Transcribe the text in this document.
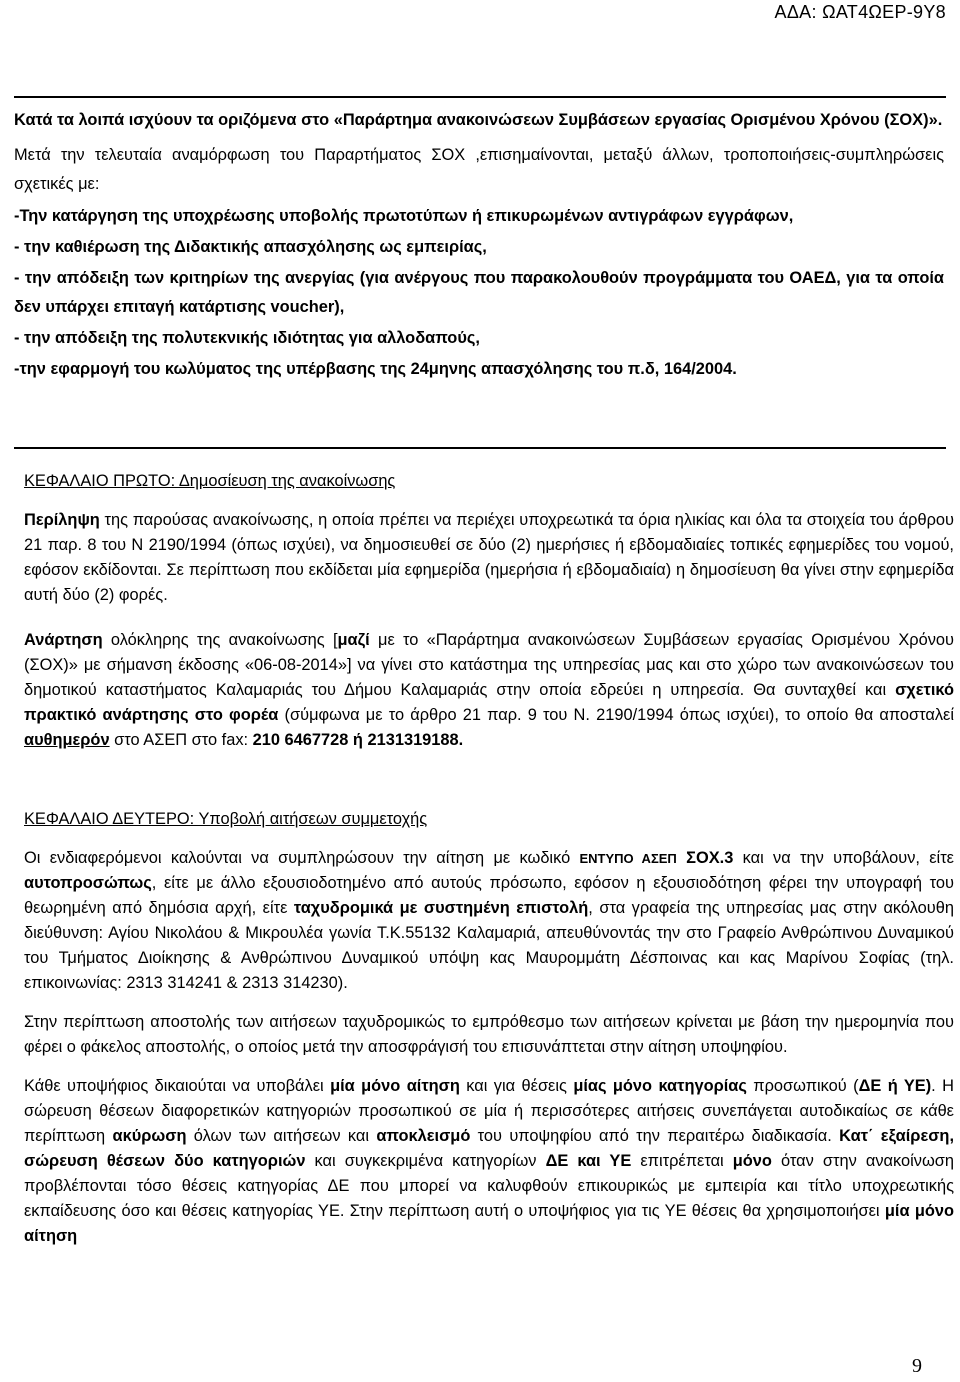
ΑΔΑ: ΩΑΤ4ΩΕΡ-9Υ8

Κατά τα λοιπά ισχύουν τα οριζόμενα στο «Παράρτημα ανακοινώσεων Συμβάσεων εργασίας Ορισμένου Χρόνου (ΣΟΧ)».

Μετά την τελευταία αναμόρφωση του Παραρτήματος ΣΟΧ ,επισημαίνονται, μεταξύ άλλων, τροποποιήσεις-συμπληρώσεις σχετικές με:

-Την κατάργηση της υποχρέωσης υποβολής πρωτοτύπων ή επικυρωμένων αντιγράφων εγγράφων,

- την καθιέρωση της Διδακτικής απασχόλησης ως εμπειρίας,

- την απόδειξη των κριτηρίων της ανεργίας (για ανέργους που παρακολουθούν προγράμματα του ΟΑΕΔ, για τα οποία δεν υπάρχει επιταγή κατάρτισης voucher),

- την απόδειξη της πολυτεκνικής ιδιότητας για αλλοδαπούς,

-την εφαρμογή του κωλύματος της υπέρβασης της 24μηνης απασχόλησης του π.δ, 164/2004.

ΚΕΦΑΛΑΙΟ ΠΡΩΤΟ: Δημοσίευση της ανακοίνωσης

Περίληψη της παρούσας ανακοίνωσης, η οποία πρέπει να περιέχει υποχρεωτικά τα όρια ηλικίας και όλα τα στοιχεία του άρθρου 21 παρ. 8 του Ν 2190/1994 (όπως ισχύει), να δημοσιευθεί σε δύο (2) ημερήσιες ή εβδομαδιαίες τοπικές εφημερίδες του νομού, εφόσον εκδίδονται. Σε περίπτωση που εκδίδεται μία εφημερίδα (ημερήσια ή εβδομαδιαία) η δημοσίευση θα γίνει στην εφημερίδα αυτή δύο (2) φορές.

Ανάρτηση ολόκληρης της ανακοίνωσης [μαζί με το «Παράρτημα ανακοινώσεων Συμβάσεων εργασίας Ορισμένου Χρόνου (ΣΟΧ)» με σήμανση έκδοσης «06-08-2014»] να γίνει στο κατάστημα της υπηρεσίας μας και στο χώρο των ανακοινώσεων του δημοτικού καταστήματος Καλαμαριάς του Δήμου Καλαμαριάς στην οποία εδρεύει η υπηρεσία. Θα συνταχθεί και σχετικό πρακτικό ανάρτησης στο φορέα (σύμφωνα με το άρθρο 21 παρ. 9 του Ν. 2190/1994 όπως ισχύει), το οποίο θα αποσταλεί αυθημερόν στο ΑΣΕΠ στο fax: 210 6467728 ή 2131319188.

ΚΕΦΑΛΑΙΟ ΔΕΥΤΕΡΟ: Υποβολή αιτήσεων συμμετοχής

Οι ενδιαφερόμενοι καλούνται να συμπληρώσουν την αίτηση με κωδικό ΕΝΤΥΠΟ ΑΣΕΠ ΣΟΧ.3 και να την υποβάλουν, είτε αυτοπροσώπως, είτε με άλλο εξουσιοδοτημένο από αυτούς πρόσωπο, εφόσον η εξουσιοδότηση φέρει την υπογραφή του θεωρημένη από δημόσια αρχή, είτε ταχυδρομικά με συστημένη επιστολή, στα γραφεία της υπηρεσίας μας στην ακόλουθη διεύθυνση: Αγίου Νικολάου & Μικρουλέα γωνία Τ.Κ.55132 Καλαμαριά, απευθύνοντάς την στο Γραφείο Ανθρώπινου Δυναμικού του Τμήματος Διοίκησης & Ανθρώπινου Δυναμικού υπόψη κας Μαυρομμάτη Δέσποινας και κας Μαρίνου Σοφίας (τηλ. επικοινωνίας: 2313 314241 & 2313 314230).

Στην περίπτωση αποστολής των αιτήσεων ταχυδρομικώς το εμπρόθεσμο των αιτήσεων κρίνεται με βάση την ημερομηνία που φέρει ο φάκελος αποστολής, ο οποίος μετά την αποσφράγισή του επισυνάπτεται στην αίτηση υποψηφίου.

Κάθε υποψήφιος δικαιούται να υποβάλει μία μόνο αίτηση και για θέσεις μίας μόνο κατηγορίας προσωπικού (ΔΕ ή ΥΕ). Η σώρευση θέσεων διαφορετικών κατηγοριών προσωπικού σε μία ή περισσότερες αιτήσεις συνεπάγεται αυτοδικαίως σε κάθε περίπτωση ακύρωση όλων των αιτήσεων και αποκλεισμό του υποψηφίου από την περαιτέρω διαδικασία. Κατ΄ εξαίρεση, σώρευση θέσεων δύο κατηγοριών και συγκεκριμένα κατηγορίων ΔΕ και ΥΕ επιτρέπεται μόνο όταν στην ανακοίνωση προβλέπονται τόσο θέσεις κατηγορίας ΔΕ που μπορεί να καλυφθούν επικουρικώς με εμπειρία και τίτλο υποχρεωτικής εκπαίδευσης όσο και θέσεις κατηγορίας ΥΕ. Στην περίπτωση αυτή ο υποψήφιος για τις ΥΕ θέσεις θα χρησιμοποιήσει μία μόνο αίτηση

9
